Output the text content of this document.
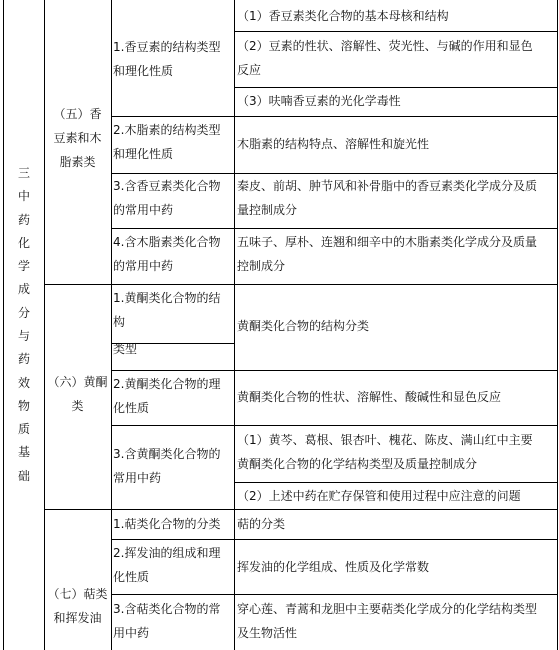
三
中
药
化
学
成
分
与
药
效
物
质
基
础
（五）香
豆素和木
脂素类
（六）黄酮
类
（七）萜类
和挥发油
1.香豆素的结构类型
和理化性质
2.木脂素的结构类型
和理化性质
3.含香豆素类化合物
的常用中药
4.含木脂素类化合物
的常用中药
1.黄酮类化合物的结
构
类型
2.黄酮类化合物的理
化性质
3.含黄酮类化合物的
常用中药
1.萜类化合物的分类
2.挥发油的组成和理
化性质
3.含萜类化合物的常
用中药
（1）香豆素类化合物的基本母核和结构
（2）豆素的性状、溶解性、荧光性、与碱的作用和显色
反应
（3）呋喃香豆素的光化学毒性
木脂素的结构特点、溶解性和旋光性
秦皮、前胡、肿节风和补骨脂中的香豆素类化学成分及质
量控制成分
五味子、厚朴、连翘和细辛中的木脂素类化学成分及质量
控制成分
黄酮类化合物的结构分类
黄酮类化合物的性状、溶解性、酸碱性和显色反应
（1）黄芩、葛根、银杏叶、槐花、陈皮、满山红中主要
黄酮类化合物的化学结构类型及质量控制成分
（2）上述中药在贮存保管和使用过程中应注意的问题
萜的分类
挥发油的化学组成、性质及化学常数
穿心莲、青蒿和龙胆中主要萜类化学成分的化学结构类型
及生物活性
